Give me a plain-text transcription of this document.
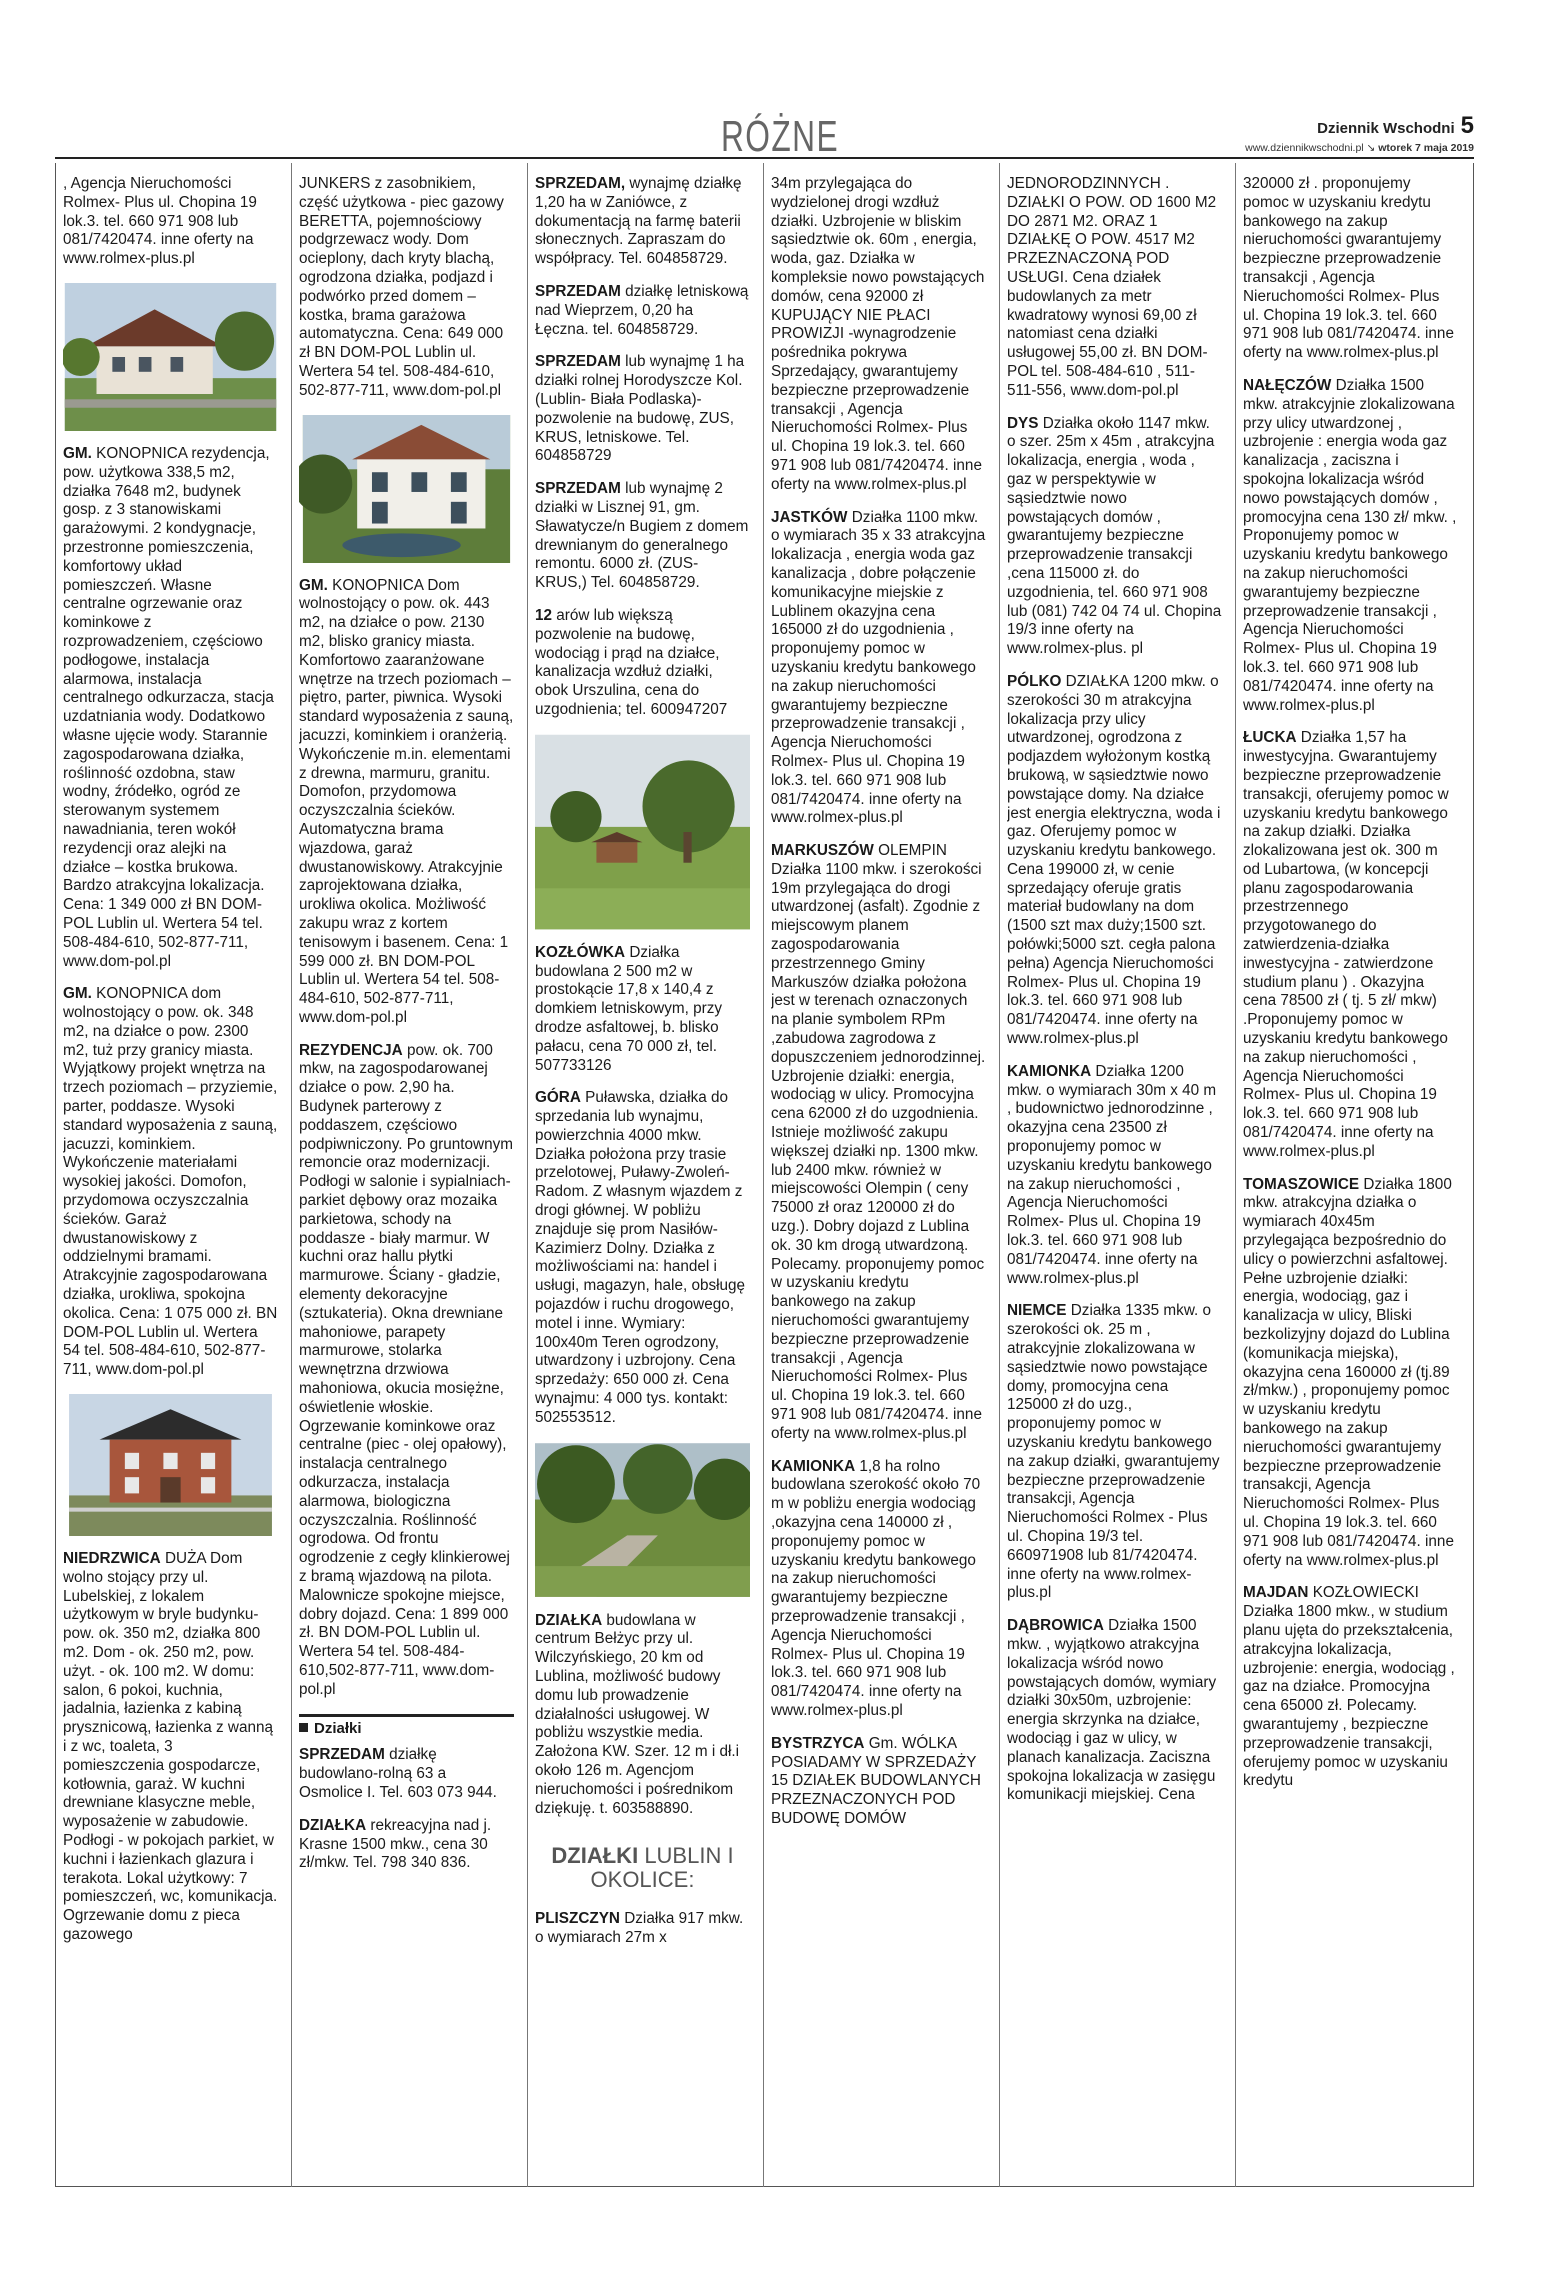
RÓŻNE	Dziennik Wschodni 5
www.dziennikwschodni.pl ↘ wtorek 7 maja 2019

, Agencja Nieruchomości Rolmex- Plus ul. Chopina 19 lok.3. tel. 660 971 908 lub 081/7420474. inne oferty na www.rolmex-plus.pl

GM. KONOPNICA rezydencja, pow. użytkowa 338,5 m2, działka 7648 m2, budynek gosp. z 3 stanowiskami garażowymi. 2 kondygnacje, przestronne pomieszczenia, komfortowy układ pomieszczeń. Własne centralne ogrzewanie oraz kominkowe z rozprowadzeniem, częściowo podłogowe, instalacja alarmowa, instalacja centralnego odkurzacza, stacja uzdatniania wody. Dodatkowo własne ujęcie wody. Starannie zagospodarowana działka, roślinność ozdobna, staw wodny, źródełko, ogród ze sterowanym systemem nawadniania, teren wokół rezydencji oraz alejki na działce – kostka brukowa. Bardzo atrakcyjna lokalizacja. Cena: 1 349 000 zł BN DOM-POL Lublin ul. Wertera 54 tel. 508-484-610, 502-877-711, www.dom-pol.pl

GM. KONOPNICA dom wolnostojący o pow. ok. 348 m2, na działce o pow. 2300 m2, tuż przy granicy miasta. Wyjątkowy projekt wnętrza na trzech poziomach – przyziemie, parter, poddasze. Wysoki standard wyposażenia z sauną, jacuzzi, kominkiem. Wykończenie materiałami wysokiej jakości. Domofon, przydomowa oczyszczalnia ścieków. Garaż dwustanowiskowy z oddzielnymi bramami. Atrakcyjnie zagospodarowana działka, urokliwa, spokojna okolica. Cena: 1 075 000 zł. BN DOM-POL Lublin ul. Wertera 54 tel. 508-484-610, 502-877-711, www.dom-pol.pl

NIEDRZWICA DUŻA Dom wolno stojący przy ul. Lubelskiej, z lokalem użytkowym w bryle budynku- pow. ok. 350 m2, działka 800 m2. Dom - ok. 250 m2, pow. użyt. - ok. 100 m2. W domu: salon, 6 pokoi, kuchnia, jadalnia, łazienka z kabiną prysznicową, łazienka z wanną i z wc, toaleta, 3 pomieszczenia gospodarcze, kotłownia, garaż. W kuchni drewniane klasyczne meble, wyposażenie w zabudowie. Podłogi - w pokojach parkiet, w kuchni i łazienkach glazura i terakota. Lokal użytkowy: 7 pomieszczeń, wc, komunikacja. Ogrzewanie domu z pieca gazowego

JUNKERS z zasobnikiem, część użytkowa - piec gazowy BERETTA, pojemnościowy podgrzewacz wody. Dom ocieplony, dach kryty blachą, ogrodzona działka, podjazd i podwórko przed domem – kostka, brama garażowa automatyczna. Cena: 649 000 zł BN DOM-POL Lublin ul. Wertera 54 tel. 508-484-610, 502-877-711, www.dom-pol.pl

GM. KONOPNICA Dom wolnostojący o pow. ok. 443 m2, na działce o pow. 2130 m2, blisko granicy miasta. Komfortowo zaaranżowane wnętrze na trzech poziomach – piętro, parter, piwnica. Wysoki standard wyposażenia z sauną, jacuzzi, kominkiem i oranżerią. Wykończenie m.in. elementami z drewna, marmuru, granitu. Domofon, przydomowa oczyszczalnia ścieków. Automatyczna brama wjazdowa, garaż dwustanowiskowy. Atrakcyjnie zaprojektowana działka, urokliwa okolica. Możliwość zakupu wraz z kortem tenisowym i basenem. Cena: 1 599 000 zł. BN DOM-POL Lublin ul. Wertera 54 tel. 508-484-610, 502-877-711, www.dom-pol.pl

REZYDENCJA pow. ok. 700 mkw, na zagospodarowanej działce o pow. 2,90 ha. Budynek parterowy z poddaszem, częściowo podpiwniczony. Po gruntownym remoncie oraz modernizacji. Podłogi w salonie i sypialniach- parkiet dębowy oraz mozaika parkietowa, schody na poddasze - biały marmur. W kuchni oraz hallu płytki marmurowe. Ściany - gładzie, elementy dekoracyjne (sztukateria). Okna drewniane mahoniowe, parapety marmurowe, stolarka wewnętrzna drzwiowa mahoniowa, okucia mosiężne, oświetlenie włoskie. Ogrzewanie kominkowe oraz centralne (piec - olej opałowy), instalacja centralnego odkurzacza, instalacja alarmowa, biologiczna oczyszczalnia. Roślinność ogrodowa. Od frontu ogrodzenie z cegły klinkierowej z bramą wjazdową na pilota. Malownicze spokojne miejsce, dobry dojazd. Cena: 1 899 000 zł. BN DOM-POL Lublin ul. Wertera 54 tel. 508-484-610,502-877-711, www.dom-pol.pl

Działki

SPRZEDAM działkę budowlano-rolną 63 a Osmolice I. Tel. 603 073 944.

DZIAŁKA rekreacyjna nad j. Krasne 1500 mkw., cena 30 zł/mkw. Tel. 798 340 836.

SPRZEDAM, wynajmę działkę 1,20 ha w Zaniówce, z dokumentacją na farmę baterii słonecznych. Zapraszam do współpracy. Tel. 604858729.

SPRZEDAM działkę letniskową nad Wieprzem, 0,20 ha Łęczna. tel. 604858729.

SPRZEDAM lub wynajmę 1 ha działki rolnej Horodyszcze Kol. (Lublin- Biała Podlaska)-pozwolenie na budowę, ZUS, KRUS, letniskowe. Tel. 604858729

SPRZEDAM lub wynajmę 2 działki w Lisznej 91, gm. Sławatycze/n Bugiem z domem drewnianym do generalnego remontu. 6000 zł. (ZUS-KRUS,) Tel. 604858729.

12 arów lub większą pozwolenie na budowę, wodociąg i prąd na działce, kanalizacja wzdłuż działki, obok Urszulina, cena do uzgodnienia; tel. 600947207

KOZŁÓWKA Działka budowlana 2 500 m2 w prostokącie 17,8 x 140,4 z domkiem letniskowym, przy drodze asfaltowej, b. blisko pałacu, cena 70 000 zł, tel. 507733126

GÓRA Puławska, działka do sprzedania lub wynajmu, powierzchnia 4000 mkw. Działka położona przy trasie przelotowej, Puławy-Zwoleń-Radom. Z własnym wjazdem z drogi głównej. W pobliżu znajduje się prom Nasiłów-Kazimierz Dolny. Działka z możliwościami na: handel i usługi, magazyn, hale, obsługę pojazdów i ruchu drogowego, motel i inne. Wymiary: 100x40m Teren ogrodzony, utwardzony i uzbrojony. Cena sprzedaży: 650 000 zł. Cena wynajmu: 4 000 tys. kontakt: 502553512.

DZIAŁKA budowlana w centrum Bełżyc przy ul. Wilczyńskiego, 20 km od Lublina, możliwość budowy domu lub prowadzenie działalności usługowej. W pobliżu wszystkie media. Założona KW. Szer. 12 m i dł.i około 126 m. Agencjom nieruchomości i pośrednikom dziękuję. t. 603588890.

DZIAŁKI LUBLIN I OKOLICE:

PLISZCZYN Działka 917 mkw. o wymiarach 27m x

34m przylegająca do wydzielonej drogi wzdłuż działki. Uzbrojenie w bliskim sąsiedztwie ok. 60m , energia, woda, gaz. Działka w kompleksie nowo powstających domów, cena 92000 zł KUPUJĄCY NIE PŁACI PROWIZJI -wynagrodzenie pośrednika pokrywa Sprzedający, gwarantujemy bezpieczne przeprowadzenie transakcji , Agencja Nieruchomości Rolmex- Plus ul. Chopina 19 lok.3. tel. 660 971 908 lub 081/7420474. inne oferty na www.rolmex-plus.pl

JASTKÓW Działka 1100 mkw. o wymiarach 35 x 33 atrakcyjna lokalizacja , energia woda gaz kanalizacja , dobre połączenie komunikacyjne miejskie z Lublinem okazyjna cena 165000 zł do uzgodnienia , proponujemy pomoc w uzyskaniu kredytu bankowego na zakup nieruchomości gwarantujemy bezpieczne przeprowadzenie transakcji , Agencja Nieruchomości Rolmex- Plus ul. Chopina 19 lok.3. tel. 660 971 908 lub 081/7420474. inne oferty na www.rolmex-plus.pl

MARKUSZÓW OLEMPIN Działka 1100 mkw. i szerokości 19m przylegająca do drogi utwardzonej (asfalt). Zgodnie z miejscowym planem zagospodarowania przestrzennego Gminy Markuszów działka położona jest w terenach oznaczonych na planie symbolem RPm ,zabudowa zagrodowa z dopuszczeniem jednorodzinnej. Uzbrojenie działki: energia, wodociąg w ulicy. Promocyjna cena 62000 zł do uzgodnienia. Istnieje możliwość zakupu większej działki np. 1300 mkw. lub 2400 mkw. również w miejscowości Olempin ( ceny 75000 zł oraz 120000 zł do uzg.). Dobry dojazd z Lublina ok. 30 km drogą utwardzoną. Polecamy. proponujemy pomoc w uzyskaniu kredytu bankowego na zakup nieruchomości gwarantujemy bezpieczne przeprowadzenie transakcji , Agencja Nieruchomości Rolmex- Plus ul. Chopina 19 lok.3. tel. 660 971 908 lub 081/7420474. inne oferty na www.rolmex-plus.pl

KAMIONKA 1,8 ha rolno budowlana szerokość około 70 m w pobliżu energia wodociąg ,okazyjna cena 140000 zł , proponujemy pomoc w uzyskaniu kredytu bankowego na zakup nieruchomości gwarantujemy bezpieczne przeprowadzenie transakcji , Agencja Nieruchomości Rolmex- Plus ul. Chopina 19 lok.3. tel. 660 971 908 lub 081/7420474. inne oferty na www.rolmex-plus.pl

BYSTRZYCA Gm. WÓLKA POSIADAMY W SPRZEDAŻY 15 DZIAŁEK BUDOWLANYCH PRZEZNACZONYCH POD BUDOWĘ DOMÓW

JEDNORODZINNYCH . DZIAŁKI O POW. OD 1600 M2 DO 2871 M2. ORAZ 1 DZIAŁKĘ O POW. 4517 M2 PRZEZNACZONĄ POD USŁUGI. Cena działek budowlanych za metr kwadratowy wynosi 69,00 zł natomiast cena działki usługowej 55,00 zł. BN DOM-POL tel. 508-484-610 , 511-511-556, www.dom-pol.pl

DYS Działka około 1147 mkw. o szer. 25m x 45m , atrakcyjna lokalizacja, energia , woda , gaz w perspektywie w sąsiedztwie nowo powstających domów , gwarantujemy bezpieczne przeprowadzenie transakcji ,cena 115000 zł. do uzgodnienia, tel. 660 971 908 lub (081) 742 04 74 ul. Chopina 19/3 inne oferty na www.rolmex-plus. pl

PÓLKO DZIAŁKA 1200 mkw. o szerokości 30 m atrakcyjna lokalizacja przy ulicy utwardzonej, ogrodzona z podjazdem wyłożonym kostką brukową, w sąsiedztwie nowo powstające domy. Na działce jest energia elektryczna, woda i gaz. Oferujemy pomoc w uzyskaniu kredytu bankowego. Cena 199000 zł, w cenie sprzedający oferuje gratis materiał budowlany na dom (1500 szt max duży;1500 szt. połówki;5000 szt. cegła palona pełna) Agencja Nieruchomości Rolmex- Plus ul. Chopina 19 lok.3. tel. 660 971 908 lub 081/7420474. inne oferty na www.rolmex-plus.pl

KAMIONKA Działka 1200 mkw. o wymiarach 30m x 40 m , budownictwo jednorodzinne , okazyjna cena 23500 zł proponujemy pomoc w uzyskaniu kredytu bankowego na zakup nieruchomości , Agencja Nieruchomości Rolmex- Plus ul. Chopina 19 lok.3. tel. 660 971 908 lub 081/7420474. inne oferty na www.rolmex-plus.pl

NIEMCE Działka 1335 mkw. o szerokości ok. 25 m , atrakcyjnie zlokalizowana w sąsiedztwie nowo powstające domy, promocyjna cena 125000 zł do uzg., proponujemy pomoc w uzyskaniu kredytu bankowego na zakup działki, gwarantujemy bezpieczne przeprowadzenie transakcji, Agencja Nieruchomości Rolmex - Plus ul. Chopina 19/3 tel. 660971908 lub 81/7420474. inne oferty na www.rolmex-plus.pl

DĄBROWICA Działka 1500 mkw. , wyjątkowo atrakcyjna lokalizacja wśród nowo powstających domów, wymiary działki 30x50m, uzbrojenie: energia skrzynka na działce, wodociąg i gaz w ulicy, w planach kanalizacja. Zaciszna spokojna lokalizacja w zasięgu komunikacji miejskiej. Cena

320000 zł . proponujemy pomoc w uzyskaniu kredytu bankowego na zakup nieruchomości gwarantujemy bezpieczne przeprowadzenie transakcji , Agencja Nieruchomości Rolmex- Plus ul. Chopina 19 lok.3. tel. 660 971 908 lub 081/7420474. inne oferty na www.rolmex-plus.pl

NAŁĘCZÓW Działka 1500 mkw. atrakcyjnie zlokalizowana przy ulicy utwardzonej , uzbrojenie : energia woda gaz kanalizacja , zaciszna i spokojna lokalizacja wśród nowo powstających domów , promocyjna cena 130 zł/ mkw. , Proponujemy pomoc w uzyskaniu kredytu bankowego na zakup nieruchomości gwarantujemy bezpieczne przeprowadzenie transakcji , Agencja Nieruchomości Rolmex- Plus ul. Chopina 19 lok.3. tel. 660 971 908 lub 081/7420474. inne oferty na www.rolmex-plus.pl

ŁUCKA Działka 1,57 ha inwestycyjna. Gwarantujemy bezpieczne przeprowadzenie transakcji, oferujemy pomoc w uzyskaniu kredytu bankowego na zakup działki. Działka zlokalizowana jest ok. 300 m od Lubartowa, (w koncepcji planu zagospodarowania przestrzennego przygotowanego do zatwierdzenia-działka inwestycyjna - zatwierdzone studium planu ) . Okazyjna cena 78500 zł ( tj. 5 zł/ mkw) .Proponujemy pomoc w uzyskaniu kredytu bankowego na zakup nieruchomości , Agencja Nieruchomości Rolmex- Plus ul. Chopina 19 lok.3. tel. 660 971 908 lub 081/7420474. inne oferty na www.rolmex-plus.pl

TOMASZOWICE Działka 1800 mkw. atrakcyjna działka o wymiarach 40x45m przylegająca bezpośrednio do ulicy o powierzchni asfaltowej. Pełne uzbrojenie działki: energia, wodociąg, gaz i kanalizacja w ulicy, Bliski bezkolizyjny dojazd do Lublina (komunikacja miejska), okazyjna cena 160000 zł (tj.89 zł/mkw.) , proponujemy pomoc w uzyskaniu kredytu bankowego na zakup nieruchomości gwarantujemy bezpieczne przeprowadzenie transakcji, Agencja Nieruchomości Rolmex- Plus ul. Chopina 19 lok.3. tel. 660 971 908 lub 081/7420474. inne oferty na www.rolmex-plus.pl

MAJDAN KOZŁOWIECKI Działka 1800 mkw., w studium planu ujęta do przekształcenia, atrakcyjna lokalizacja, uzbrojenie: energia, wodociąg , gaz na działce. Promocyjna cena 65000 zł. Polecamy. gwarantujemy , bezpieczne przeprowadzenie transakcji, oferujemy pomoc w uzyskaniu kredytu
